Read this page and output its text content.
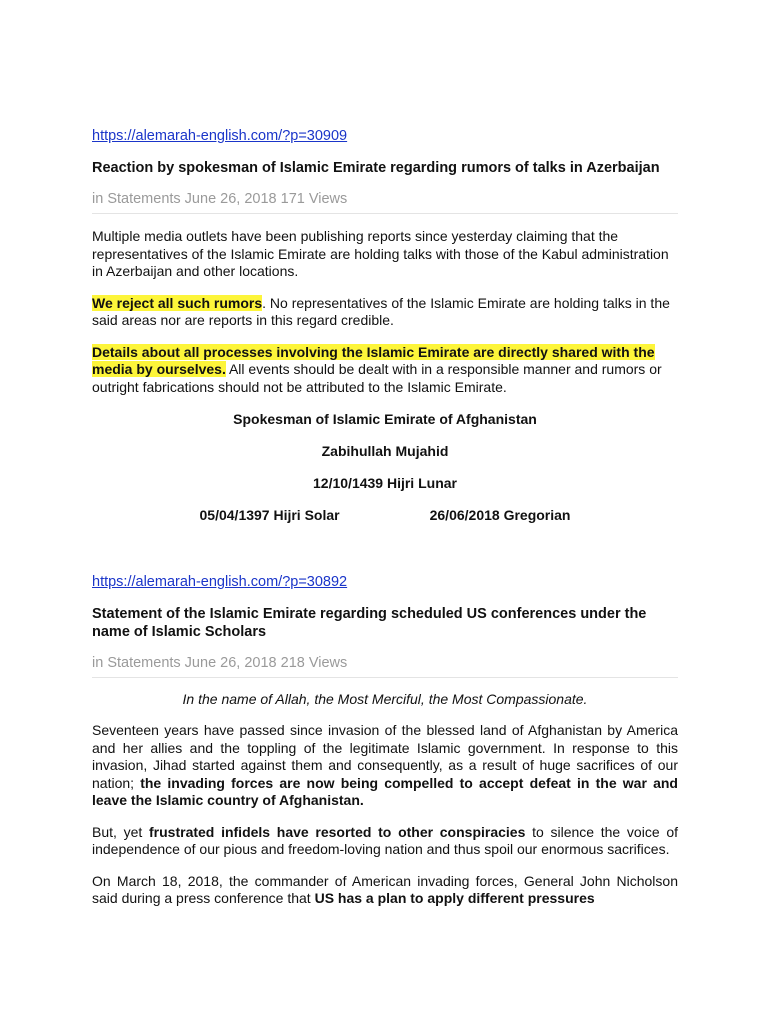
https://alemarah-english.com/?p=30909
Reaction by spokesman of Islamic Emirate regarding rumors of talks in Azerbaijan
in Statements June 26, 2018 171 Views
Multiple media outlets have been publishing reports since yesterday claiming that the representatives of the Islamic Emirate are holding talks with those of the Kabul administration in Azerbaijan and other locations.
We reject all such rumors. No representatives of the Islamic Emirate are holding talks in the said areas nor are reports in this regard credible.
Details about all processes involving the Islamic Emirate are directly shared with the media by ourselves. All events should be dealt with in a responsible manner and rumors or outright fabrications should not be attributed to the Islamic Emirate.
Spokesman of Islamic Emirate of Afghanistan
Zabihullah Mujahid
12/10/1439 Hijri Lunar
05/04/1397 Hijri Solar	26/06/2018 Gregorian
https://alemarah-english.com/?p=30892
Statement of the Islamic Emirate regarding scheduled US conferences under the name of Islamic Scholars
in Statements June 26, 2018 218 Views
In the name of Allah, the Most Merciful, the Most Compassionate.
Seventeen years have passed since invasion of the blessed land of Afghanistan by America and her allies and the toppling of the legitimate Islamic government. In response to this invasion, Jihad started against them and consequently, as a result of huge sacrifices of our nation; the invading forces are now being compelled to accept defeat in the war and leave the Islamic country of Afghanistan.
But, yet frustrated infidels have resorted to other conspiracies to silence the voice of independence of our pious and freedom-loving nation and thus spoil our enormous sacrifices.
On March 18, 2018, the commander of American invading forces, General John Nicholson said during a press conference that US has a plan to apply different pressures
